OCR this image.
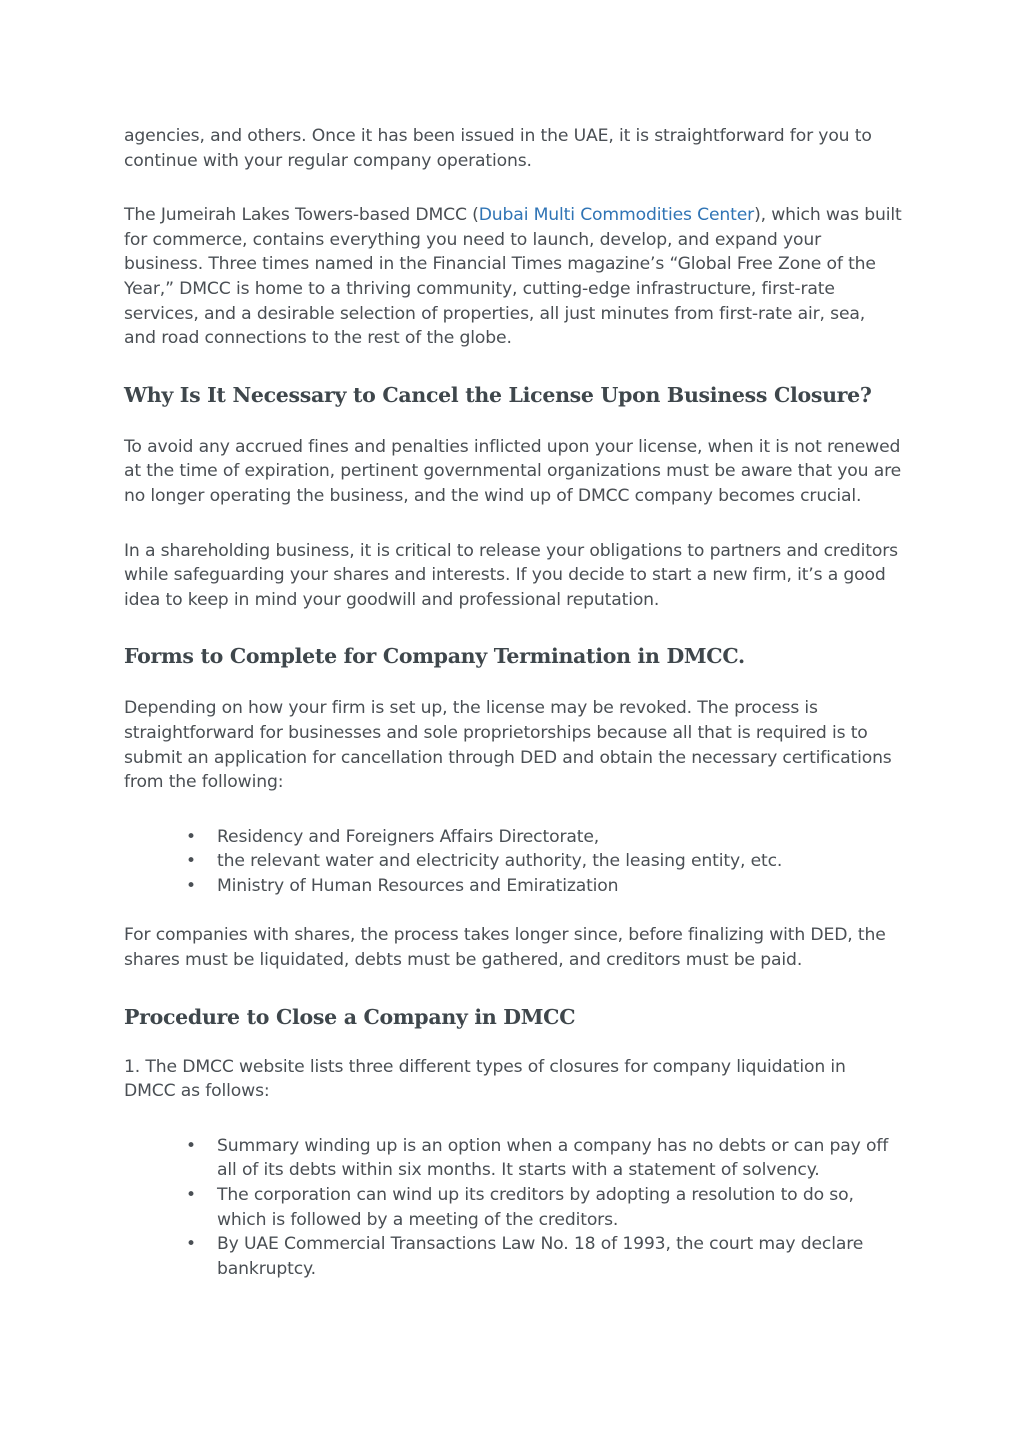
agencies, and others. Once it has been issued in the UAE, it is straightforward for you to continue with your regular company operations.

The Jumeirah Lakes Towers-based DMCC (Dubai Multi Commodities Center), which was built for commerce, contains everything you need to launch, develop, and expand your business. Three times named in the Financial Times magazine’s “Global Free Zone of the Year,” DMCC is home to a thriving community, cutting-edge infrastructure, first-rate services, and a desirable selection of properties, all just minutes from first-rate air, sea, and road connections to the rest of the globe.

Why Is It Necessary to Cancel the License Upon Business Closure?

To avoid any accrued fines and penalties inflicted upon your license, when it is not renewed at the time of expiration, pertinent governmental organizations must be aware that you are no longer operating the business, and the wind up of DMCC company becomes crucial.

In a shareholding business, it is critical to release your obligations to partners and creditors while safeguarding your shares and interests. If you decide to start a new firm, it’s a good idea to keep in mind your goodwill and professional reputation.

Forms to Complete for Company Termination in DMCC.

Depending on how your firm is set up, the license may be revoked. The process is straightforward for businesses and sole proprietorships because all that is required is to submit an application for cancellation through DED and obtain the necessary certifications from the following:

• Residency and Foreigners Affairs Directorate,
• the relevant water and electricity authority, the leasing entity, etc.
• Ministry of Human Resources and Emiratization

For companies with shares, the process takes longer since, before finalizing with DED, the shares must be liquidated, debts must be gathered, and creditors must be paid.

Procedure to Close a Company in DMCC

1. The DMCC website lists three different types of closures for company liquidation in DMCC as follows:

• Summary winding up is an option when a company has no debts or can pay off all of its debts within six months. It starts with a statement of solvency.
• The corporation can wind up its creditors by adopting a resolution to do so, which is followed by a meeting of the creditors.
• By UAE Commercial Transactions Law No. 18 of 1993, the court may declare bankruptcy.
